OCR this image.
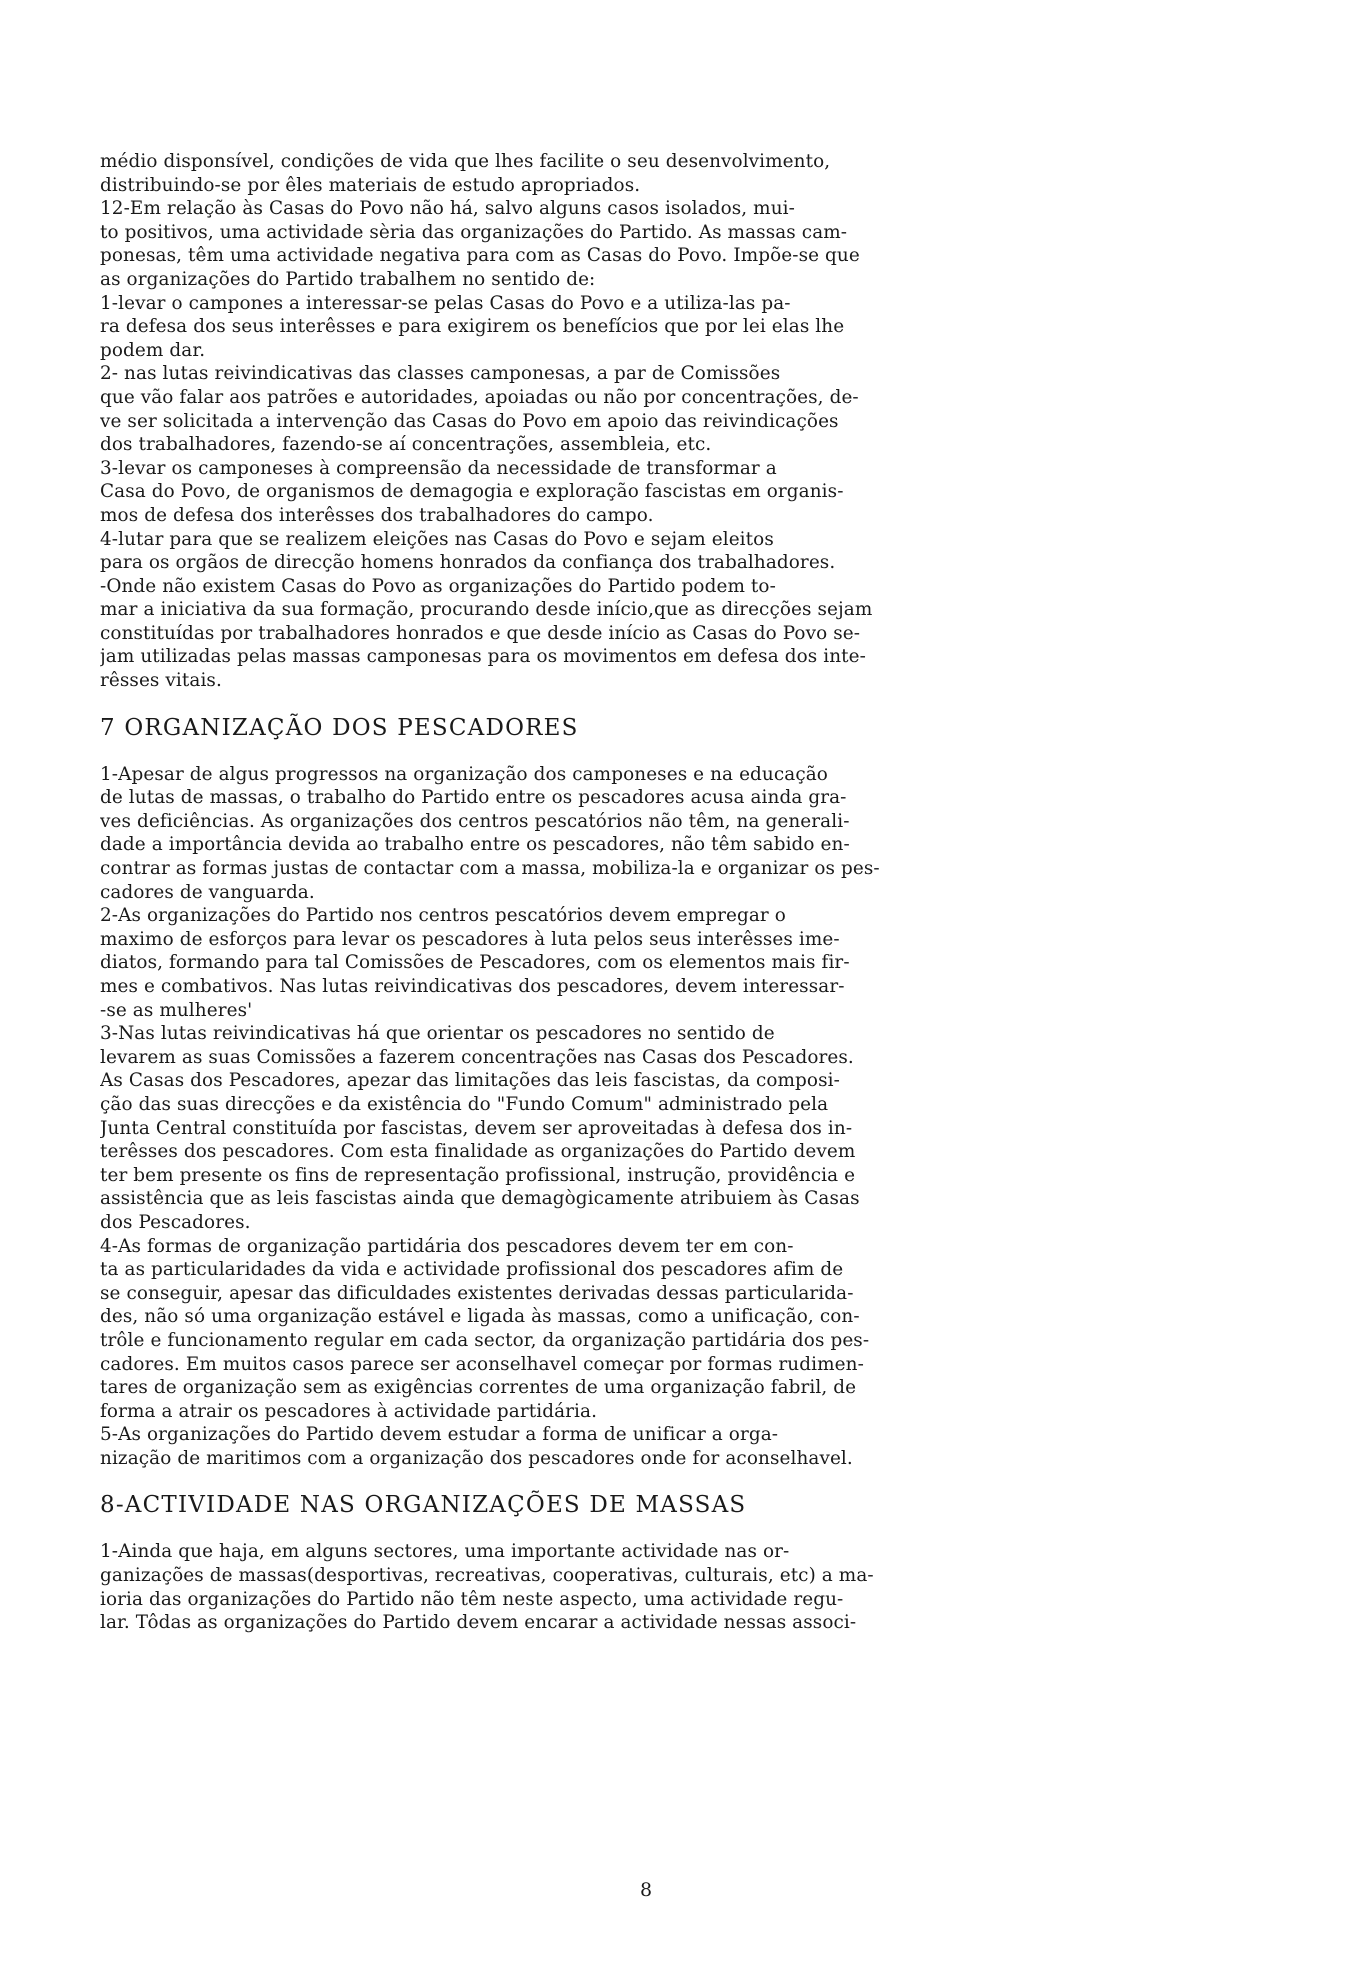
médio disponsível, condições de vida que lhes facilite o seu desenvolvimento,
distribuindo-se por êles materiais de estudo apropriados.
12-Em relação às Casas do Povo não há, salvo alguns casos isolados, mui-
to positivos, uma actividade sèria das organizações do Partido. As massas cam-
ponesas, têm uma actividade negativa para com as Casas do Povo. Impõe-se que
as organizações do Partido trabalhem no sentido de:
1-levar o campones a interessar-se pelas Casas do Povo e a utiliza-las pa-
ra defesa dos seus interêsses e para exigirem os benefícios que por lei elas lhe
podem dar.
2- nas lutas reivindicativas das classes camponesas, a par de Comissões
que vão falar aos patrões e autoridades, apoiadas ou não por concentrações, de-
ve ser solicitada a intervenção das Casas do Povo em apoio das reivindicações
dos trabalhadores, fazendo-se aí concentrações, assembleia, etc.
3-levar os camponeses à compreensão da necessidade de transformar a
Casa do Povo, de organismos de demagogia e exploração fascistas em organis-
mos de defesa dos interêsses dos trabalhadores do campo.
4-lutar para que se realizem eleições nas Casas do Povo e sejam eleitos
para os orgãos de direcção homens honrados da confiança dos trabalhadores.
-Onde não existem Casas do Povo as organizações do Partido podem to-
mar a iniciativa da sua formação, procurando desde início,que as direcções sejam
constituídas por trabalhadores honrados e que desde início as Casas do Povo se-
jam utilizadas pelas massas camponesas para os movimentos em defesa dos inte-
rêsses vitais.
7 ORGANIZAÇÃO DOS PESCADORES
1-Apesar de algus progressos na organização dos camponeses e na educação
de lutas de massas, o trabalho do Partido entre os pescadores acusa ainda gra-
ves deficiências. As organizações dos centros pescatórios não têm, na generali-
dade a importância devida ao trabalho entre os pescadores, não têm sabido en-
contrar as formas justas de contactar com a massa, mobiliza-la e organizar os pes-
cadores de vanguarda.
2-As organizações do Partido nos centros pescatórios devem empregar o
maximo de esforços para levar os pescadores à luta pelos seus interêsses ime-
diatos, formando para tal Comissões de Pescadores, com os elementos mais fir-
mes e combativos. Nas lutas reivindicativas dos pescadores, devem interessar-
-se as mulheres'
3-Nas lutas reivindicativas há que orientar os pescadores no sentido de
levarem as suas Comissões a fazerem concentrações nas Casas dos Pescadores.
As Casas dos Pescadores, apezar das limitações das leis fascistas, da composi-
ção das suas direcções e da existência do "Fundo Comum" administrado pela
Junta Central constituída por fascistas, devem ser aproveitadas à defesa dos in-
terêsses dos pescadores. Com esta finalidade as organizações do Partido devem
ter bem presente os fins de representação profissional, instrução, providência e
assistência que as leis fascistas ainda que demagògicamente atribuiem às Casas
dos Pescadores.
4-As formas de organização partidária dos pescadores devem ter em con-
ta as particularidades da vida e actividade profissional dos pescadores afim de
se conseguir, apesar das dificuldades existentes derivadas dessas particularida-
des, não só uma organização estável e ligada às massas, como a unificação, con-
trôle e funcionamento regular em cada sector, da organização partidária dos pes-
cadores. Em muitos casos parece ser aconselhavel começar por formas rudimen-
tares de organização sem as exigências correntes de uma organização fabril, de
forma a atrair os pescadores à actividade partidária.
5-As organizações do Partido devem estudar a forma de unificar a orga-
nização de maritimos com a organização dos pescadores onde for aconselhavel.
8-ACTIVIDADE NAS ORGANIZAÇÕES DE MASSAS
1-Ainda que haja, em alguns sectores, uma importante actividade nas or-
ganizações de massas(desportivas, recreativas, cooperativas, culturais, etc) a ma-
ioria das organizações do Partido não têm neste aspecto, uma actividade regu-
lar. Tôdas as organizações do Partido devem encarar a actividade nessas associ-
8
